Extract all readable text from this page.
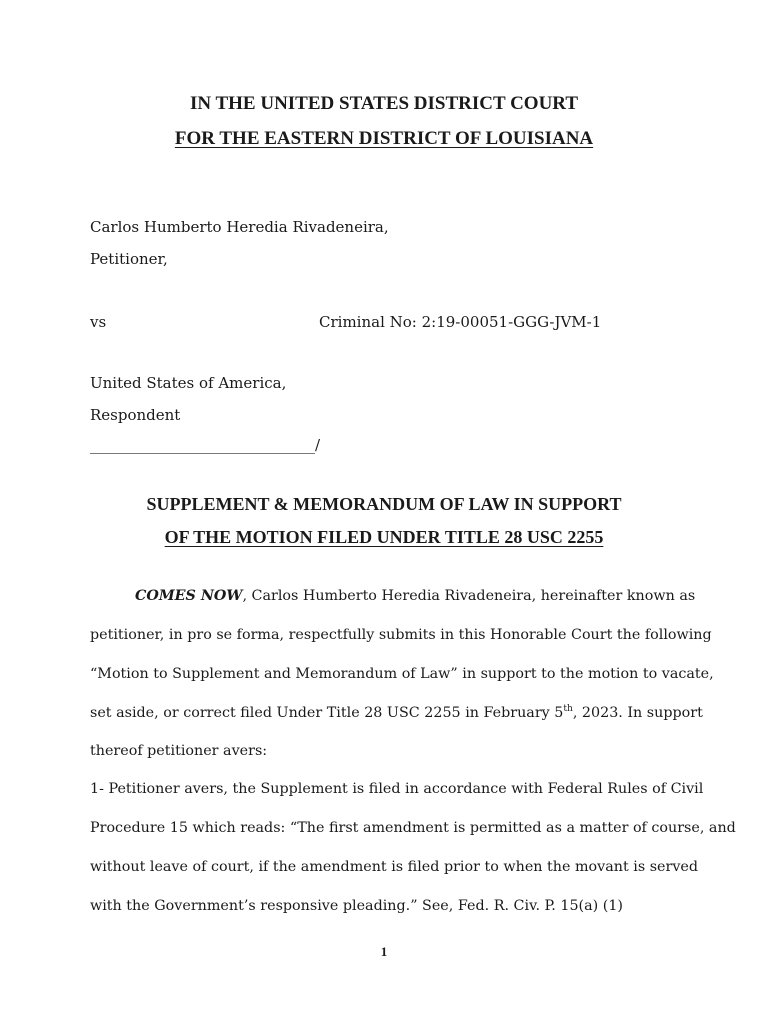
IN THE UNITED STATES DISTRICT COURT
FOR THE EASTERN DISTRICT OF LOUISIANA
Carlos Humberto Heredia Rivadeneira,
Petitioner,
vs	Criminal No: 2:19-00051-GGG-JVM-1
United States of America,
Respondent
______________________________/
SUPPLEMENT & MEMORANDUM OF LAW IN SUPPORT
OF THE MOTION FILED UNDER TITLE 28 USC 2255
COMES NOW, Carlos Humberto Heredia Rivadeneira, hereinafter known as
petitioner, in pro se forma, respectfully submits in this Honorable Court the following
“Motion to Supplement and Memorandum of Law” in support to the motion to vacate,
set aside, or correct filed Under Title 28 USC 2255 in February 5th, 2023. In support
thereof petitioner avers:
1- Petitioner avers, the Supplement is filed in accordance with Federal Rules of Civil
Procedure 15 which reads: “The first amendment is permitted as a matter of course, and
without leave of court, if the amendment is filed prior to when the movant is served
with the Government’s responsive pleading.” See, Fed. R. Civ. P. 15(a) (1)
1
